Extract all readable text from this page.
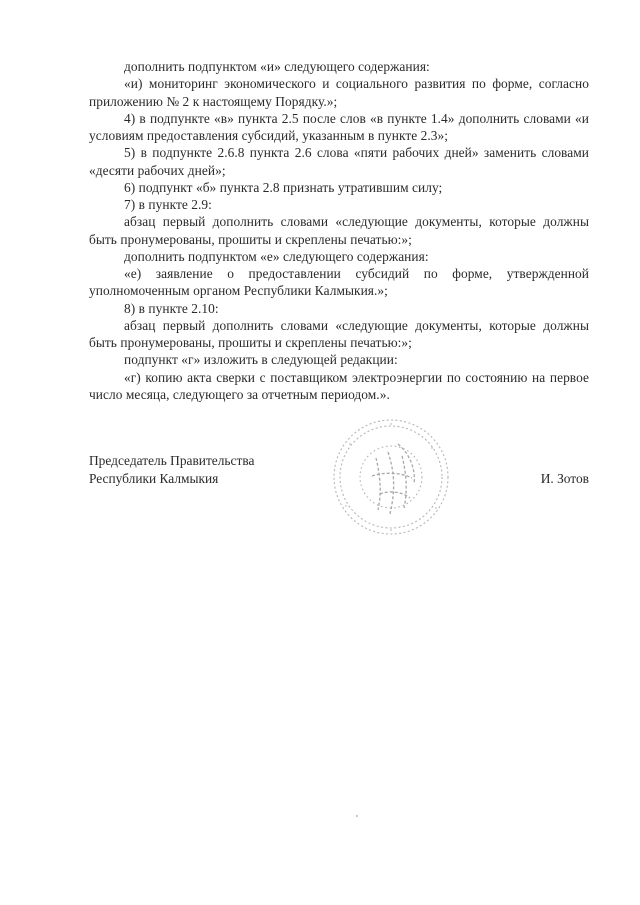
дополнить подпунктом «и» следующего содержания:

«и) мониторинг экономического и социального развития по форме, согласно приложению № 2 к настоящему Порядку.»;

4) в подпункте «в» пункта 2.5 после слов «в пункте 1.4» дополнить словами «и условиям предоставления субсидий, указанным в пункте 2.3»;

5) в подпункте 2.6.8 пункта 2.6 слова «пяти рабочих дней» заменить словами «десяти рабочих дней»;

6) подпункт «б» пункта 2.8 признать утратившим силу;

7) в пункте 2.9:

абзац первый дополнить словами «следующие документы, которые должны быть пронумерованы, прошиты и скреплены печатью:»;

дополнить подпунктом «е» следующего содержания:

«е) заявление о предоставлении субсидий по форме, утвержденной уполномоченным органом Республики Калмыкия.»;

8) в пункте 2.10:

абзац первый дополнить словами «следующие документы, которые должны быть пронумерованы, прошиты и скреплены печатью:»;

подпункт «г» изложить в следующей редакции:

«г) копию акта сверки с поставщиком электроэнергии по состоянию на первое число месяца, следующего за отчетным периодом.».

Председатель Правительства
Республики Калмыкия	И. Зотов
